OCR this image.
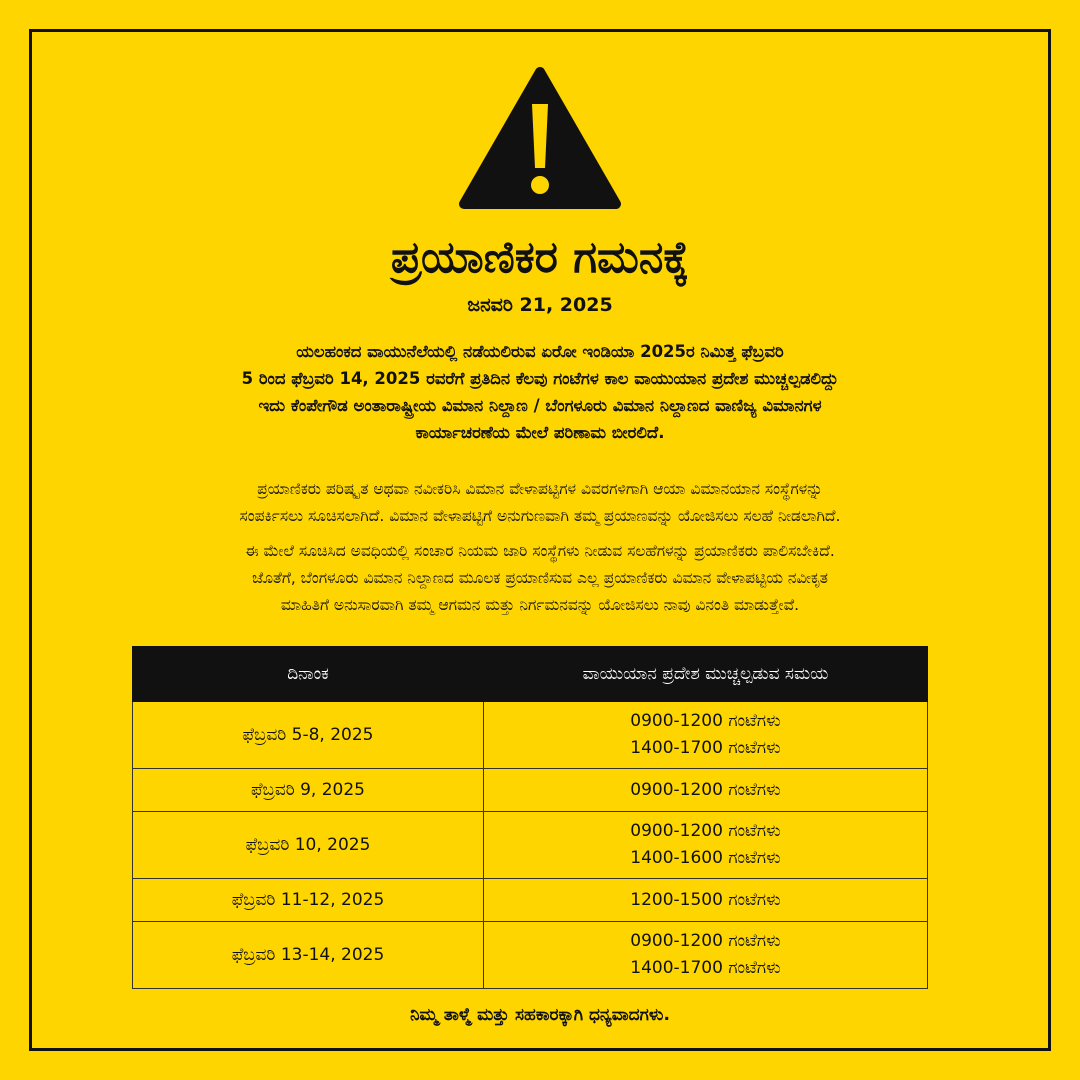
ಪ್ರಯಾಣಿಕರ ಗಮನಕ್ಕೆ
ಜನವರಿ 21, 2025
ಯಲಹಂಕದ ವಾಯುನೆಲೆಯಲ್ಲಿ ನಡೆಯಲಿರುವ ಏರೋ ಇಂಡಿಯಾ 2025ರ ನಿಮಿತ್ತ ಫೆಬ್ರವರಿ
5 ರಿಂದ ಫೆಬ್ರವರಿ 14, 2025 ರವರೆಗೆ ಪ್ರತಿದಿನ ಕೆಲವು ಗಂಟೆಗಳ ಕಾಲ ವಾಯುಯಾನ ಪ್ರದೇಶ ಮುಚ್ಚಲ್ಪಡಲಿದ್ದು
ಇದು ಕೆಂಪೇಗೌಡ ಅಂತಾರಾಷ್ಟ್ರೀಯ ವಿಮಾನ ನಿಲ್ದಾಣ / ಬೆಂಗಳೂರು ವಿಮಾನ ನಿಲ್ದಾಣದ ವಾಣಿಜ್ಯ ವಿಮಾನಗಳ
ಕಾರ್ಯಾಚರಣೆಯ ಮೇಲೆ ಪರಿಣಾಮ ಬೀರಲಿದೆ.
ಪ್ರಯಾಣಿಕರು ಪರಿಷ್ಕೃತ ಅಥವಾ ನವೀಕರಿಸಿ ವಿಮಾನ ವೇಳಾಪಟ್ಟಿಗಳ ವಿವರಗಳಿಗಾಗಿ ಆಯಾ ವಿಮಾನಯಾನ ಸಂಸ್ಥೆಗಳನ್ನು
ಸಂಪರ್ಕಿಸಲು ಸೂಚಿಸಲಾಗಿದೆ. ವಿಮಾನ ವೇಳಾಪಟ್ಟಿಗೆ ಅನುಗುಣವಾಗಿ ತಮ್ಮ ಪ್ರಯಾಣವನ್ನು ಯೋಜಿಸಲು ಸಲಹೆ ನೀಡಲಾಗಿದೆ.
ಈ ಮೇಲೆ ಸೂಚಿಸಿದ ಅವಧಿಯಲ್ಲಿ ಸಂಚಾರ ನಿಯಮ ಜಾರಿ ಸಂಸ್ಥೆಗಳು ನೀಡುವ ಸಲಹೆಗಳನ್ನು ಪ್ರಯಾಣಿಕರು ಪಾಲಿಸಬೇಕಿದೆ.
ಜೊತೆಗೆ, ಬೆಂಗಳೂರು ವಿಮಾನ ನಿಲ್ದಾಣದ ಮೂಲಕ ಪ್ರಯಾಣಿಸುವ ಎಲ್ಲ ಪ್ರಯಾಣಿಕರು ವಿಮಾನ ವೇಳಾಪಟ್ಟಿಯ ನವೀಕೃತ
ಮಾಹಿತಿಗೆ ಅನುಸಾರವಾಗಿ ತಮ್ಮ ಆಗಮನ ಮತ್ತು ನಿರ್ಗಮನವನ್ನು ಯೋಜಿಸಲು ನಾವು ವಿನಂತಿ ಮಾಡುತ್ತೇವೆ.
ದಿನಾಂಕ	ವಾಯುಯಾನ ಪ್ರದೇಶ ಮುಚ್ಚಲ್ಪಡುವ ಸಮಯ
ಫೆಬ್ರವರಿ 5-8, 2025	0900-1200 ಗಂಟೆಗಳು
1400-1700 ಗಂಟೆಗಳು

ಫೆಬ್ರವರಿ 9, 2025	0900-1200 ಗಂಟೆಗಳು

ಫೆಬ್ರವರಿ 10, 2025	0900-1200 ಗಂಟೆಗಳು
1400-1600 ಗಂಟೆಗಳು

ಫೆಬ್ರವರಿ 11-12, 2025	1200-1500 ಗಂಟೆಗಳು

ಫೆಬ್ರವರಿ 13-14, 2025	0900-1200 ಗಂಟೆಗಳು
1400-1700 ಗಂಟೆಗಳು
ನಿಮ್ಮ ತಾಳ್ಮೆ ಮತ್ತು ಸಹಕಾರಕ್ಕಾಗಿ ಧನ್ಯವಾದಗಳು.
